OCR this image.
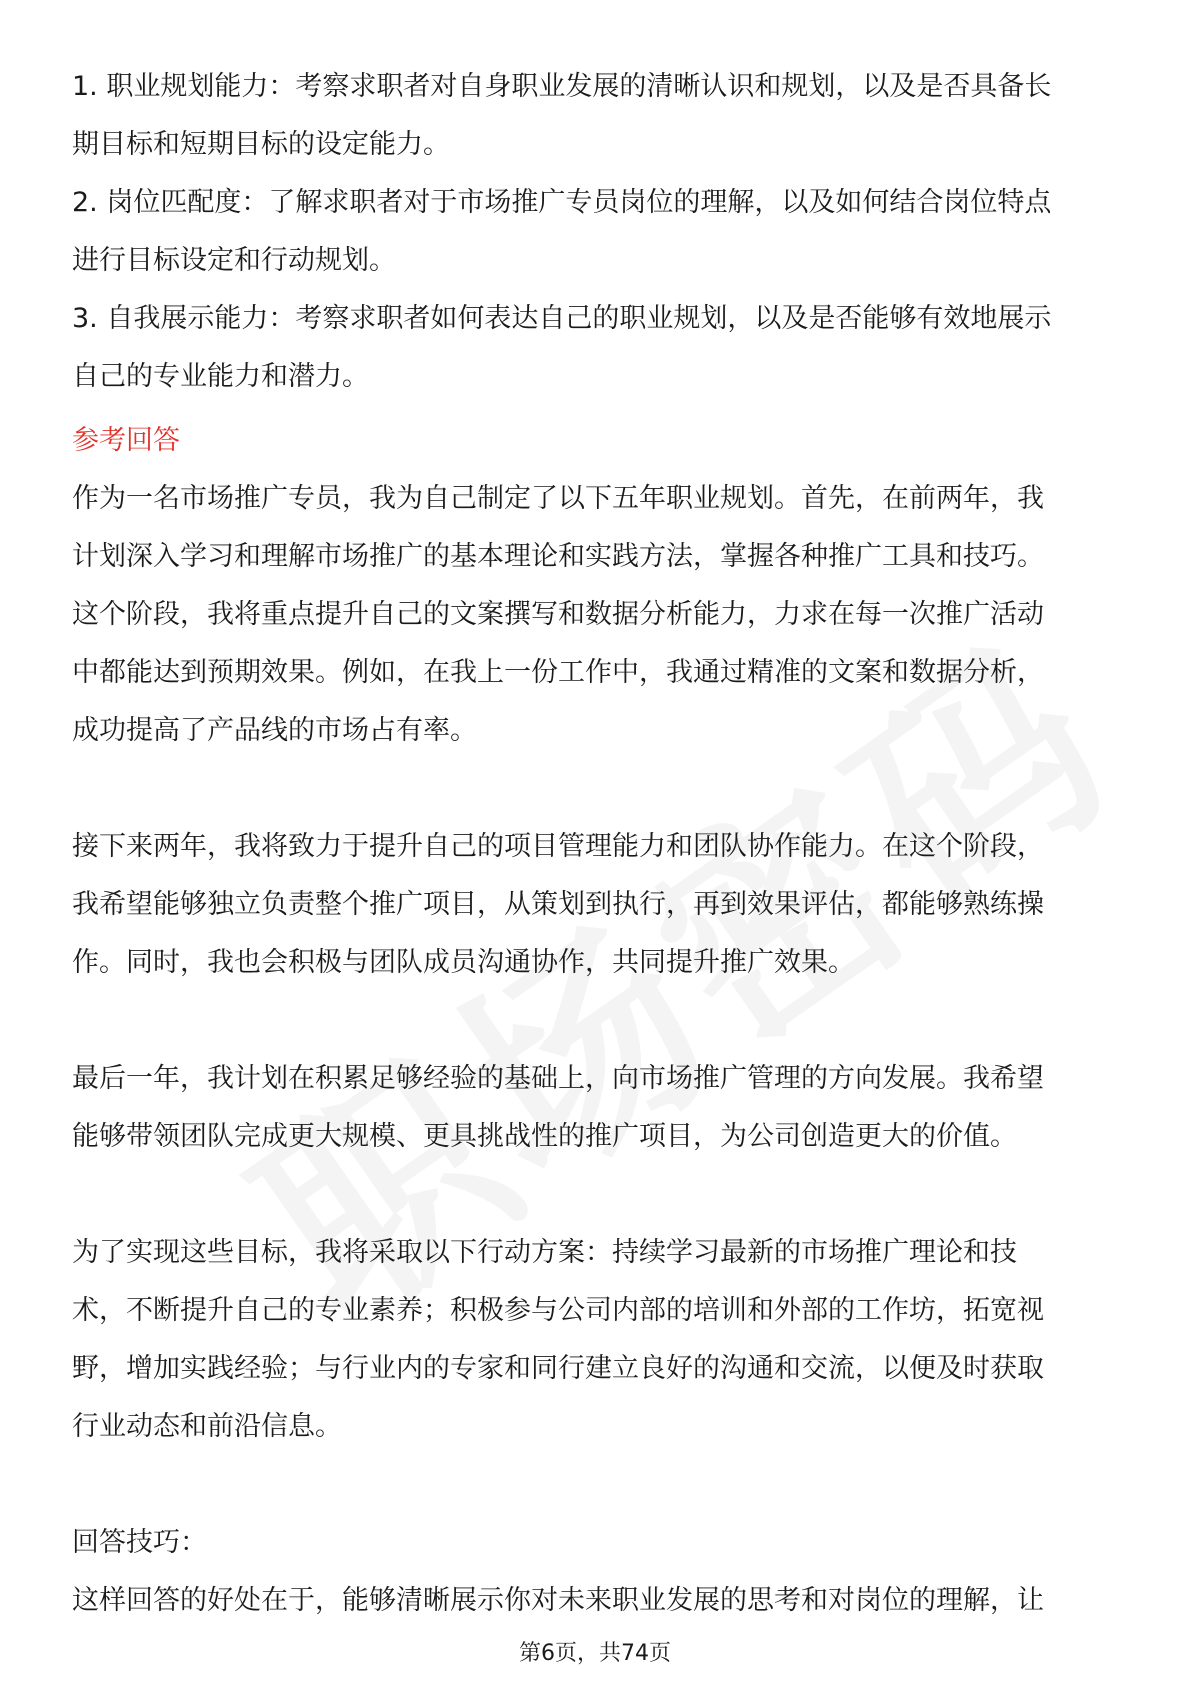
1. 职业规划能力：考察求职者对自身职业发展的清晰认识和规划，以及是否具备长
期目标和短期目标的设定能力。
2. 岗位匹配度：了解求职者对于市场推广专员岗位的理解，以及如何结合岗位特点
进行目标设定和行动规划。
3. 自我展示能力：考察求职者如何表达自己的职业规划，以及是否能够有效地展示
自己的专业能力和潜力。
参考回答
作为一名市场推广专员，我为自己制定了以下五年职业规划。首先，在前两年，我
计划深入学习和理解市场推广的基本理论和实践方法，掌握各种推广工具和技巧。
这个阶段，我将重点提升自己的文案撰写和数据分析能力，力求在每一次推广活动
中都能达到预期效果。例如，在我上一份工作中，我通过精准的文案和数据分析，
成功提高了产品线的市场占有率。
接下来两年，我将致力于提升自己的项目管理能力和团队协作能力。在这个阶段，
我希望能够独立负责整个推广项目，从策划到执行，再到效果评估，都能够熟练操
作。同时，我也会积极与团队成员沟通协作，共同提升推广效果。
最后一年，我计划在积累足够经验的基础上，向市场推广管理的方向发展。我希望
能够带领团队完成更大规模、更具挑战性的推广项目，为公司创造更大的价值。
为了实现这些目标，我将采取以下行动方案：持续学习最新的市场推广理论和技
术，不断提升自己的专业素养；积极参与公司内部的培训和外部的工作坊，拓宽视
野，增加实践经验；与行业内的专家和同行建立良好的沟通和交流，以便及时获取
行业动态和前沿信息。
回答技巧：
这样回答的好处在于，能够清晰展示你对未来职业发展的思考和对岗位的理解，让
第6页，共74页
